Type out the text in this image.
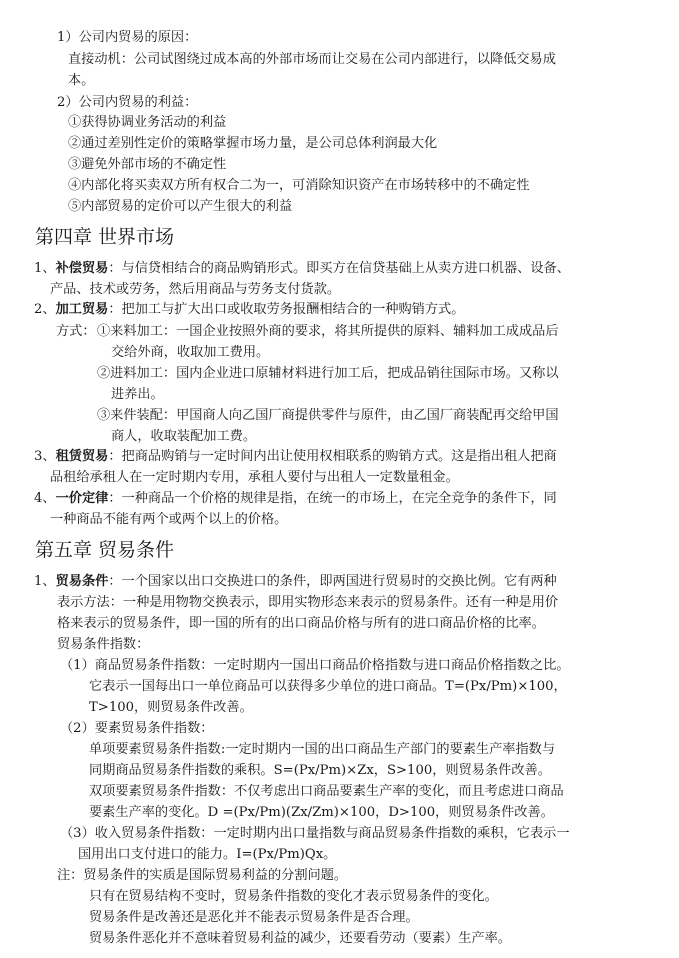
1）公司内贸易的原因：
直接动机：公司试图绕过成本高的外部市场而让交易在公司内部进行，以降低交易成
本。
2）公司内贸易的利益：
①获得协调业务活动的利益
②通过差别性定价的策略掌握市场力量，是公司总体利润最大化
③避免外部市场的不确定性
④内部化将买卖双方所有权合二为一，可消除知识资产在市场转移中的不确定性
⑤内部贸易的定价可以产生很大的利益
第四章 世界市场
1、补偿贸易：与信贷相结合的商品购销形式。即买方在信贷基础上从卖方进口机器、设备、
产品、技术或劳务，然后用商品与劳务支付货款。
2、加工贸易：把加工与扩大出口或收取劳务报酬相结合的一种购销方式。
方式： ①来料加工：一国企业按照外商的要求，将其所提供的原料、辅料加工成成品后
交给外商，收取加工费用。
②进料加工：国内企业进口原辅材料进行加工后，把成品销往国际市场。又称以
进养出。
③来件装配：甲国商人向乙国厂商提供零件与原件，由乙国厂商装配再交给甲国
商人，收取装配加工费。
3、租赁贸易：把商品购销与一定时间内出让使用权相联系的购销方式。这是指出租人把商
品租给承租人在一定时期内专用，承租人要付与出租人一定数量租金。
4、一价定律：一种商品一个价格的规律是指，在统一的市场上，在完全竞争的条件下，同
一种商品不能有两个或两个以上的价格。
第五章 贸易条件
1、贸易条件：一个国家以出口交换进口的条件，即两国进行贸易时的交换比例。它有两种
表示方法：一种是用物物交换表示，即用实物形态来表示的贸易条件。还有一种是用价
格来表示的贸易条件，即一国的所有的出口商品价格与所有的进口商品价格的比率。
贸易条件指数：
（1）商品贸易条件指数：一定时期内一国出口商品价格指数与进口商品价格指数之比。
它表示一国每出口一单位商品可以获得多少单位的进口商品。T=(Px/Pm)×100，
T>100，则贸易条件改善。
（2）要素贸易条件指数：
单项要素贸易条件指数:一定时期内一国的出口商品生产部门的要素生产率指数与
同期商品贸易条件指数的乘积。S=(Px/Pm)×Zx，S>100，则贸易条件改善。
双项要素贸易条件指数：不仅考虑出口商品要素生产率的变化，而且考虑进口商品
要素生产率的变化。D =(Px/Pm)(Zx/Zm)×100，D>100，则贸易条件改善。
（3）收入贸易条件指数：一定时期内出口量指数与商品贸易条件指数的乘积，它表示一
国用出口支付进口的能力。I=(Px/Pm)Qx。
注：贸易条件的实质是国际贸易利益的分割问题。
只有在贸易结构不变时，贸易条件指数的变化才表示贸易条件的变化。
贸易条件是改善还是恶化并不能表示贸易条件是否合理。
贸易条件恶化并不意味着贸易利益的减少，还要看劳动（要素）生产率。
